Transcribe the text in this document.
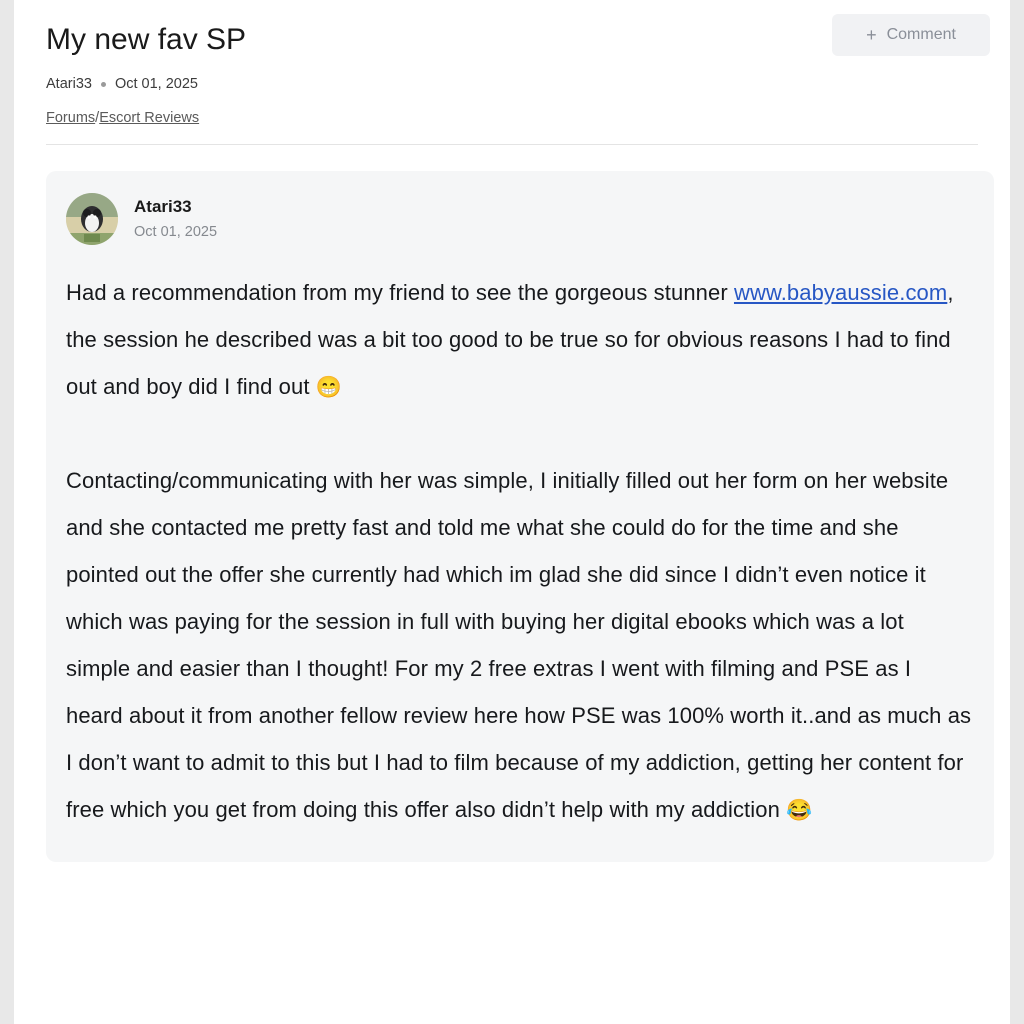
My new fav SP	+ Comment
Atari33 Oct 01, 2025
Forums/Escort Reviews
Atari33
Oct 01, 2025

Had a recommendation from my friend to see the gorgeous stunner www.babyaussie.com, the session he described was a bit too good to be true so for obvious reasons I had to find out and boy did I find out 😁

Contacting/communicating with her was simple, I initially filled out her form on her website and she contacted me pretty fast and told me what she could do for the time and she pointed out the offer she currently had which im glad she did since I didn’t even notice it which was paying for the session in full with buying her digital ebooks which was a lot simple and easier than I thought! For my 2 free extras I went with filming and PSE as I heard about it from another fellow review here how PSE was 100% worth it..and as much as I don’t want to admit to this but I had to film because of my addiction, getting her content for free which you get from doing this offer also didn’t help with my addiction 😂
